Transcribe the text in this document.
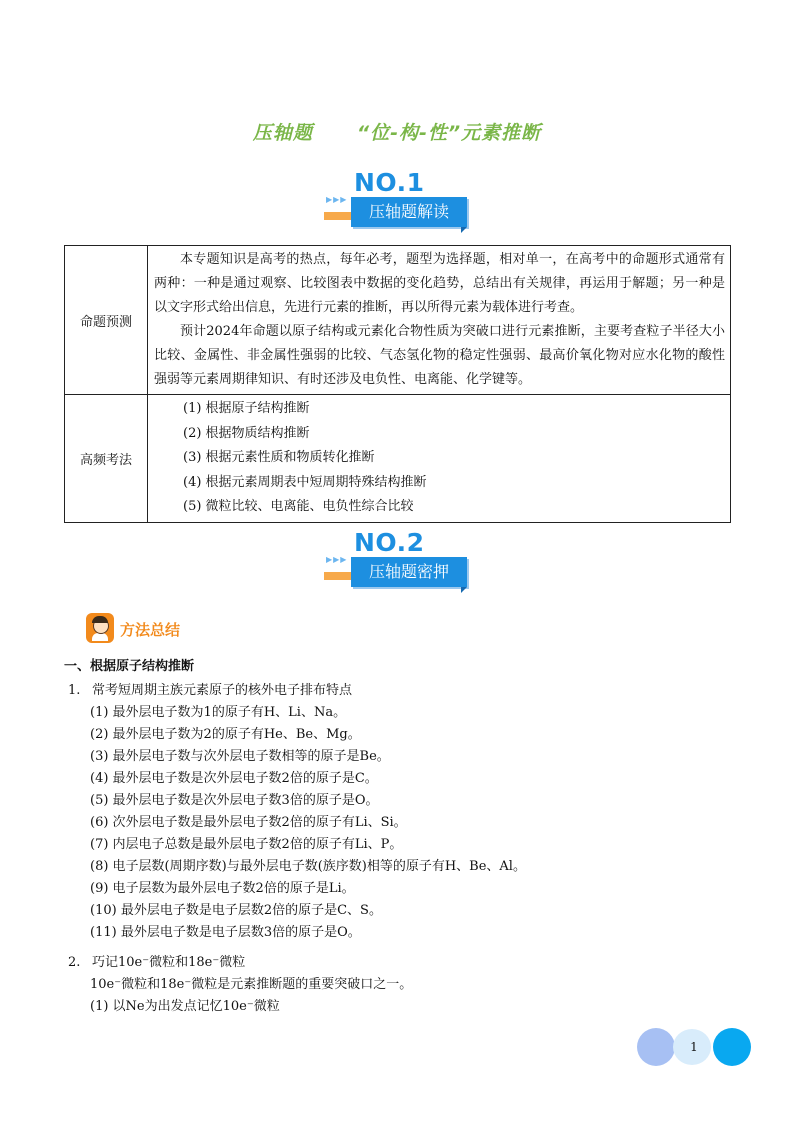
压轴题 “位-构-性”元素推断
NO.1
▶▶▶
压轴题解读
命题预测	本专题知识是高考的热点，每年必考，题型为选择题，相对单一，在高考中的命题形式通常有两种：一种是通过观察、比较图表中数据的变化趋势，总结出有关规律，再运用于解题；另一种是以文字形式给出信息，先进行元素的推断，再以所得元素为载体进行考查。

预计2024年命题以原子结构或元素化合物性质为突破口进行元素推断，主要考查粒子半径大小比较、金属性、非金属性强弱的比较、气态氢化物的稳定性强弱、最高价氧化物对应水化物的酸性强弱等元素周期律知识、有时还涉及电负性、电离能、化学键等。

高频考法	(1) 根据原子结构推断
(2) 根据物质结构推断
(3) 根据元素性质和物质转化推断
(4) 根据元素周期表中短周期特殊结构推断
(5) 微粒比较、电离能、电负性综合比较
NO.2
▶▶▶
压轴题密押
方法总结
一、根据原子结构推断
1. 常考短周期主族元素原子的核外电子排布特点
(1) 最外层电子数为1的原子有H、Li、Na。
(2) 最外层电子数为2的原子有He、Be、Mg。
(3) 最外层电子数与次外层电子数相等的原子是Be。
(4) 最外层电子数是次外层电子数2倍的原子是C。
(5) 最外层电子数是次外层电子数3倍的原子是O。
(6) 次外层电子数是最外层电子数2倍的原子有Li、Si。
(7) 内层电子总数是最外层电子数2倍的原子有Li、P。
(8) 电子层数(周期序数)与最外层电子数(族序数)相等的原子有H、Be、Al。
(9) 电子层数为最外层电子数2倍的原子是Li。
(10) 最外层电子数是电子层数2倍的原子是C、S。
(11) 最外层电子数是电子层数3倍的原子是O。
2. 巧记10e⁻微粒和18e⁻微粒
10e⁻微粒和18e⁻微粒是元素推断题的重要突破口之一。
(1) 以Ne为出发点记忆10e⁻微粒
1
